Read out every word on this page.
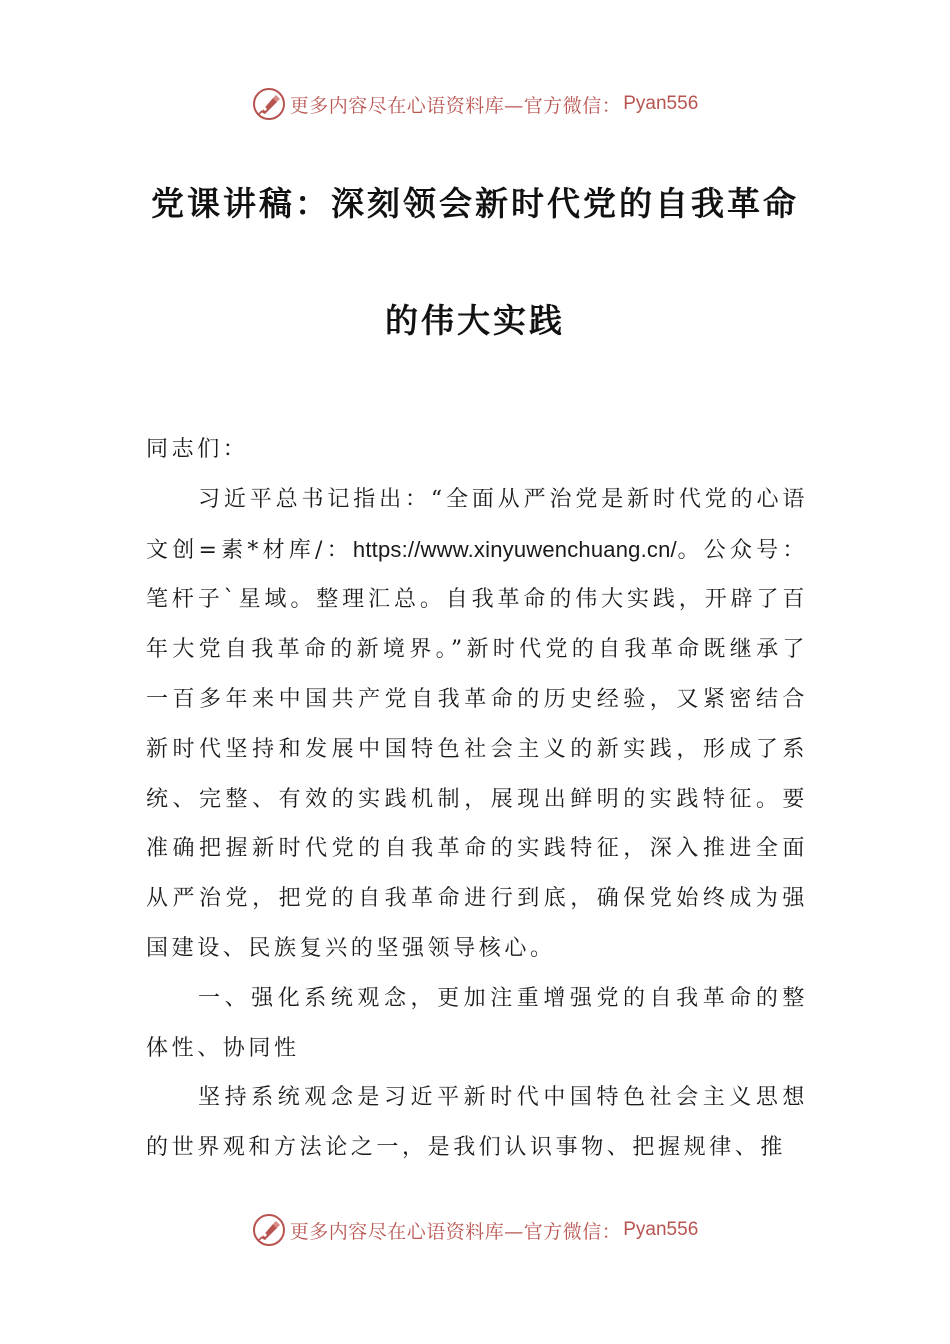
更多内容尽在心语资料库—官方微信： Pyan556
党课讲稿：深刻领会新时代党的自我革命
的伟大实践

同志们：

习近平总书记指出：“全面从严治党是新时代党的心语文创=素*材库/：https://www.xinyuwenchuang.cn/。公众号：笔杆子`星域。整理汇总。自我革命的伟大实践，开辟了百年大党自我革命的新境界。”新时代党的自我革命既继承了一百多年来中国共产党自我革命的历史经验，又紧密结合新时代坚持和发展中国特色社会主义的新实践，形成了系统、完整、有效的实践机制，展现出鲜明的实践特征。要准确把握新时代党的自我革命的实践特征，深入推进全面从严治党，把党的自我革命进行到底，确保党始终成为强国建设、民族复兴的坚强领导核心。

一、强化系统观念，更加注重增强党的自我革命的整体性、协同性

坚持系统观念是习近平新时代中国特色社会主义思想的世界观和方法论之一，是我们认识事物、把握规律、推

更多内容尽在心语资料库—官方微信： Pyan556
